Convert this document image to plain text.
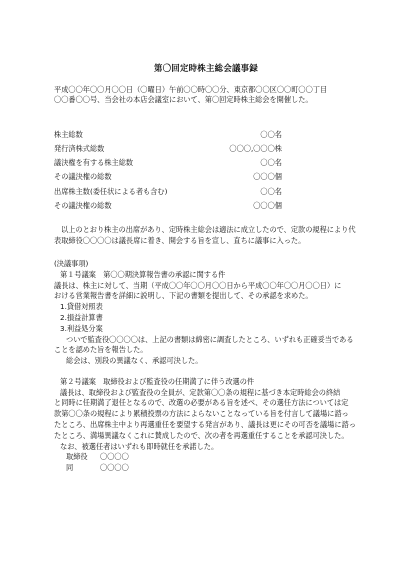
第〇回定時株主総会議事録

平成〇〇年〇〇月〇〇日（〇曜日）午前〇〇時〇〇分、東京都〇〇区〇〇町〇〇丁目

〇〇番〇〇号、当会社の本店会議室において、第〇回定時株主総会を開催した。

株主総数	〇〇名
発行済株式総数	〇〇〇,〇〇〇株
議決権を有する株主総数	〇〇名
その議決権の総数	〇〇〇個
出席株主数(委任状による者も含む)	〇〇名
その議決権の総数	〇〇〇個

以上のとおり株主の出席があり、定時株主総会は適法に成立したので、定款の規程により代

表取締役〇〇〇〇は議長席に着き、開会する旨を宣し、直ちに議事に入った。

(決議事項)

第１号議案　第〇〇期決算報告書の承認に関する件

議長は、株主に対して、当期（平成〇〇年〇〇月〇〇日から平成〇〇年〇〇月〇〇日）に

おける営業報告書を詳細に説明し、下記の書類を提出して、その承認を求めた。

1.貸借対照表

2.損益計算書

3.利益処分案

ついで監査役〇〇〇〇は、上記の書類は綿密に調査したところ、いずれも正確妥当である

ことを認めた旨を報告した。

総会は、別段の異議なく、承認可決した。

第２号議案　取締役および監査役の任期満了に伴う改選の件

議長は、取締役および監査役の全員が、定款第〇〇条の規程に基づき本定時総会の終結

と同時に任期満了退任となるので、改選の必要がある旨を述べ、その選任方法については定

款第〇〇条の規程により累積投票の方法によらないことなっている旨を付言して議場に諮っ

たところ、出席株主中より再選重任を要望する発言があり、議長は更にその可否を議場に諮っ

たところ、満場異議なくこれに賛成したので、次の者を再選重任することを承認可決した。

なお、被選任者はいずれも即時就任を承諾した。

取締役	〇〇〇〇
同	〇〇〇〇
